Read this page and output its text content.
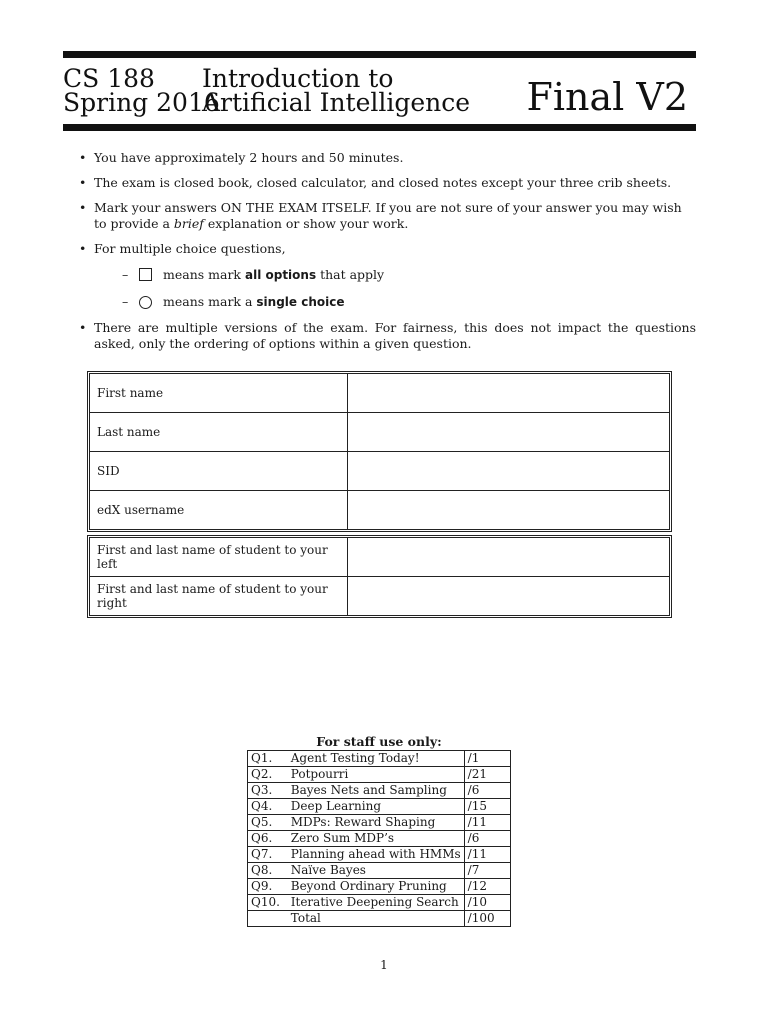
CS 188
Spring 2016
Introduction to
Artificial Intelligence Final V2
• You have approximately 2 hours and 50 minutes.
• The exam is closed book, closed calculator, and closed notes except your three crib sheets.
• Mark your answers ON THE EXAM ITSELF. If you are not sure of your answer you may wish to provide a brief explanation or show your work.
• For multiple choice questions,
–	means mark all options that apply
–	means mark a single choice
• There are multiple versions of the exam. For fairness, this does not impact the questions asked, only the ordering of options within a given question.
First name	
Last name	
SID	
edX username	
First and last name of student to your left	
First and last name of student to your right	
For staff use only:
Q1.	Agent Testing Today!	/1
Q2.	Potpourri	/21
Q3.	Bayes Nets and Sampling	/6
Q4.	Deep Learning	/15
Q5.	MDPs: Reward Shaping	/11
Q6.	Zero Sum MDP’s	/6
Q7.	Planning ahead with HMMs	/11
Q8.	Naïve Bayes	/7
Q9.	Beyond Ordinary Pruning	/12
Q10.	Iterative Deepening Search	/10
	Total	/100
1
